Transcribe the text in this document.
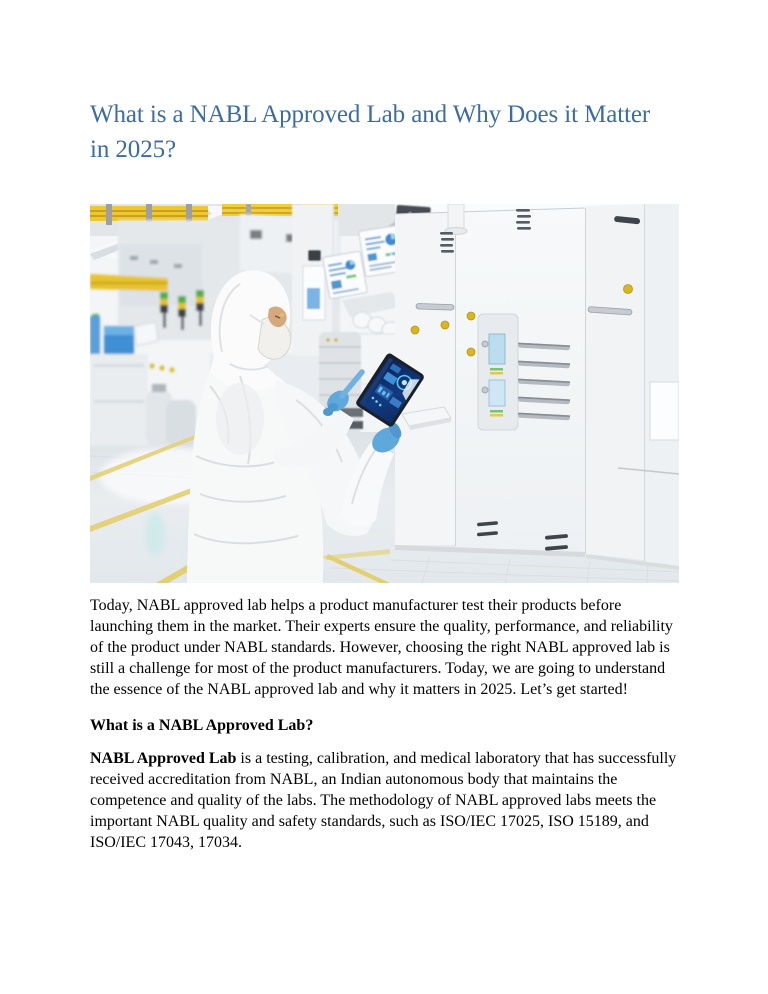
What is a NABL Approved Lab and Why Does it Matter
in 2025?

Today, NABL approved lab helps a product manufacturer test their products before launching them in the market. Their experts ensure the quality, performance, and reliability of the product under NABL standards. However, choosing the right NABL approved lab is still a challenge for most of the product manufacturers. Today, we are going to understand the essence of the NABL approved lab and why it matters in 2025. Let’s get started!

What is a NABL Approved Lab?

NABL Approved Lab is a testing, calibration, and medical laboratory that has successfully received accreditation from NABL, an Indian autonomous body that maintains the competence and quality of the labs. The methodology of NABL approved labs meets the important NABL quality and safety standards, such as ISO/IEC 17025, ISO 15189, and ISO/IEC 17043, 17034.
